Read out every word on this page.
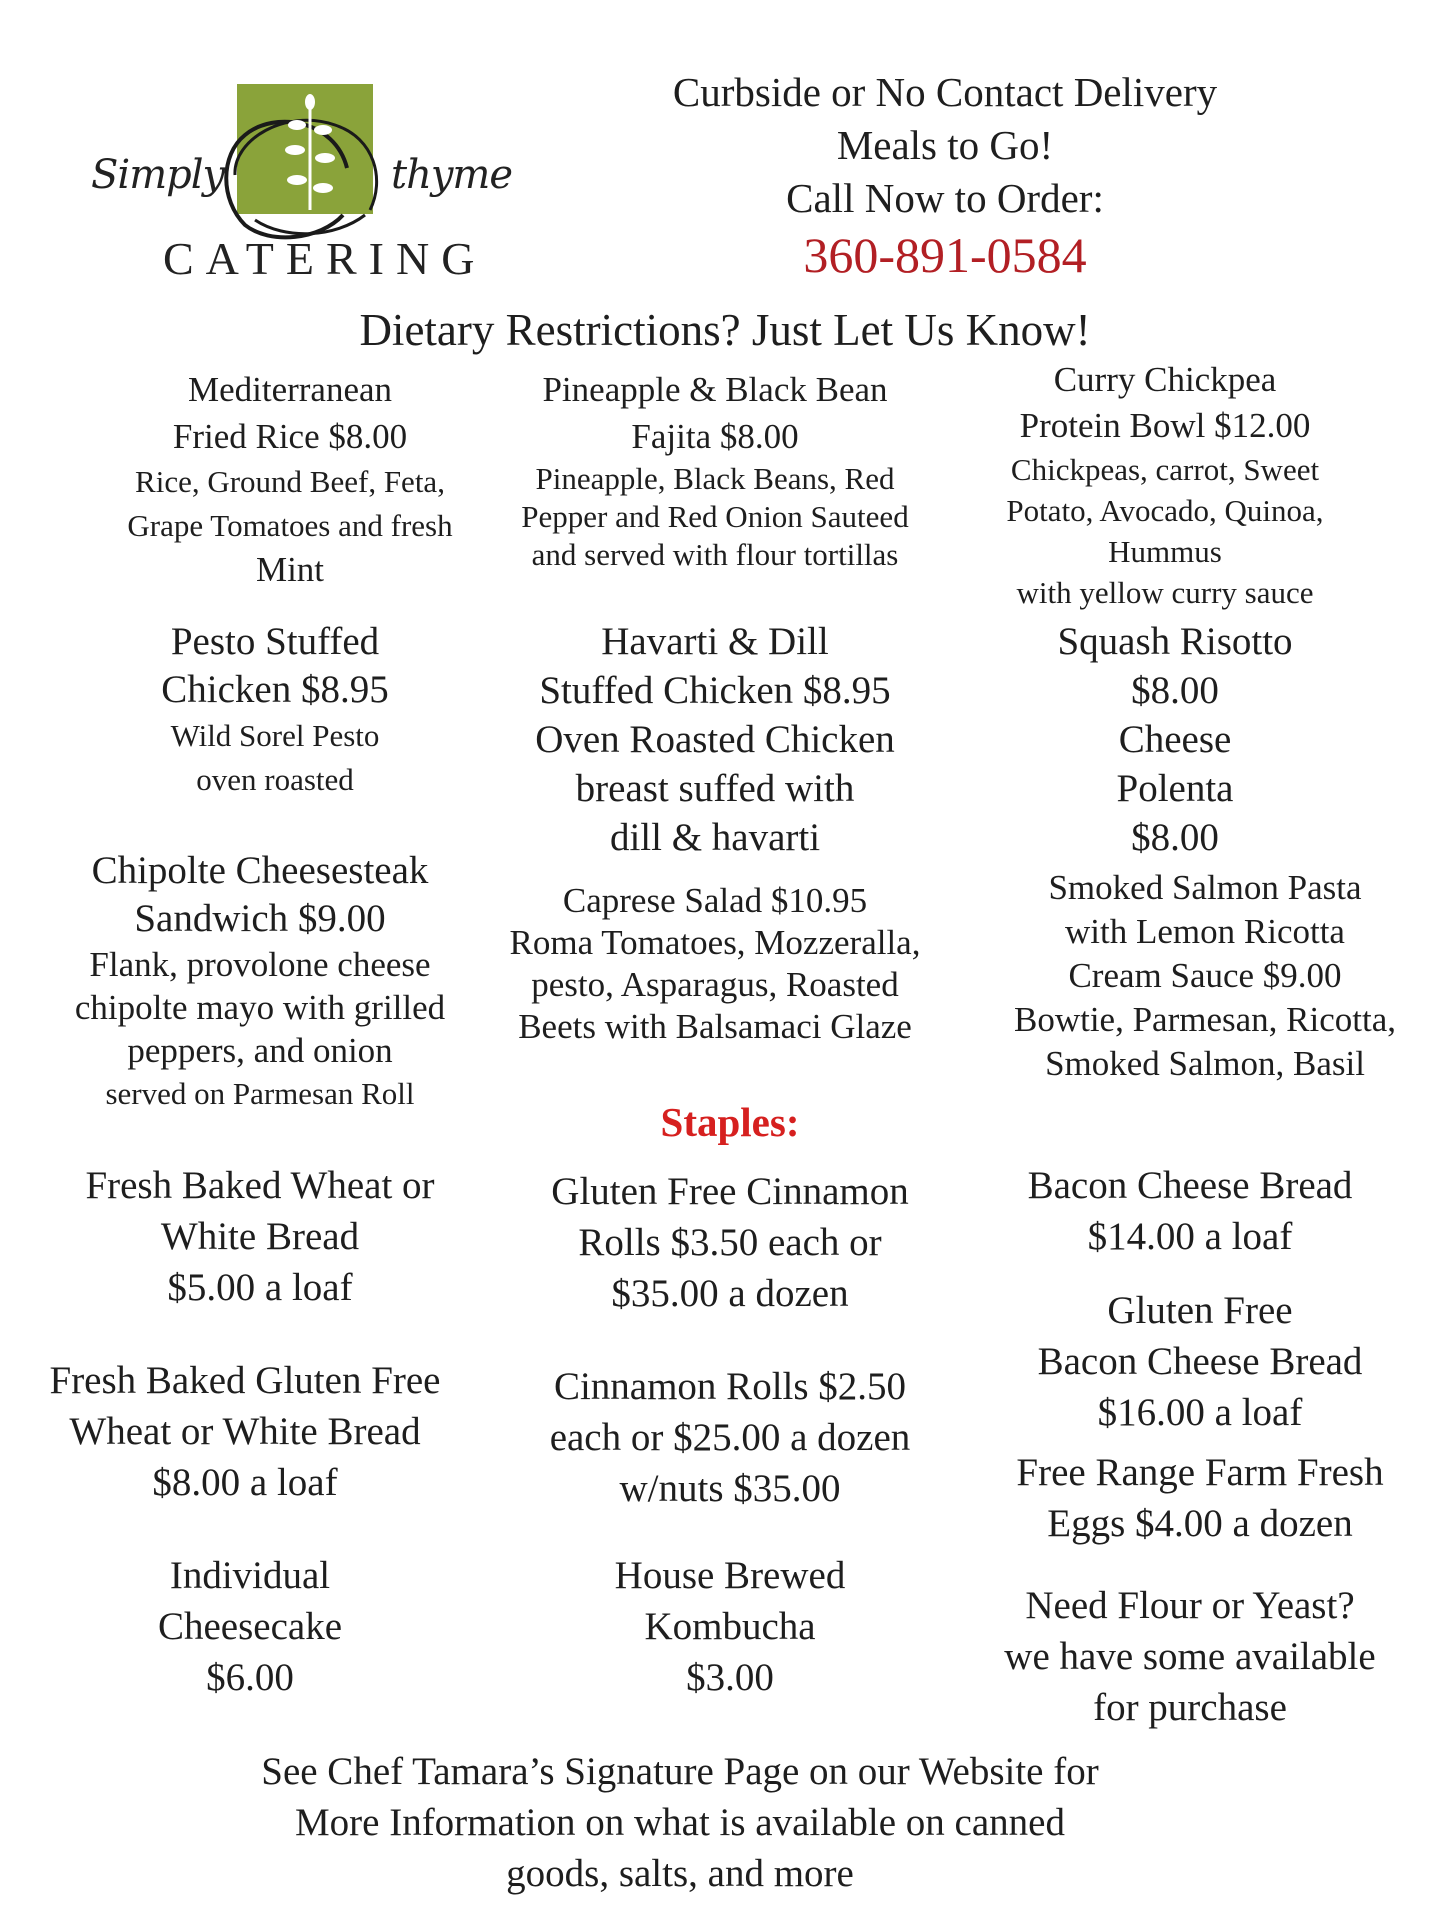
Simply	thyme
CATERING
Curbside or No Contact Delivery
Meals to Go!
Call Now to Order:
360-891-0584
Dietary Restrictions? Just Let Us Know!
Mediterranean
Fried Rice $8.00
Rice, Ground Beef, Feta,
Grape Tomatoes and fresh
Mint
Pineapple & Black Bean
Fajita $8.00
Pineapple, Black Beans, Red
Pepper and Red Onion Sauteed
and served with flour tortillas
Curry Chickpea
Protein Bowl $12.00
Chickpeas, carrot, Sweet
Potato, Avocado, Quinoa,
Hummus
with yellow curry sauce
Pesto Stuffed
Chicken $8.95
Wild Sorel Pesto
oven roasted
Havarti & Dill
Stuffed Chicken $8.95
Oven Roasted Chicken
breast suffed with
dill & havarti
Squash Risotto
$8.00
Cheese
Polenta
$8.00
Chipolte Cheesesteak
Sandwich $9.00
Flank, provolone cheese
chipolte mayo with grilled
peppers, and onion
served on Parmesan Roll
Caprese Salad $10.95
Roma Tomatoes, Mozzeralla,
pesto, Asparagus, Roasted
Beets with Balsamaci Glaze
Smoked Salmon Pasta
with Lemon Ricotta
Cream Sauce $9.00
Bowtie, Parmesan, Ricotta,
Smoked Salmon, Basil
Staples:
Fresh Baked Wheat or
White Bread
$5.00 a loaf
Gluten Free Cinnamon
Rolls $3.50 each or
$35.00 a dozen
Bacon Cheese Bread
$14.00 a loaf
Gluten Free
Bacon Cheese Bread
$16.00 a loaf
Fresh Baked Gluten Free
Wheat or White Bread
$8.00 a loaf
Cinnamon Rolls $2.50
each or $25.00 a dozen
w/nuts $35.00	Free Range Farm Fresh
Eggs $4.00 a dozen
Individual
Cheesecake
$6.00
House Brewed
Kombucha
$3.00
Need Flour or Yeast?
we have some available
for purchase
See Chef Tamara’s Signature Page on our Website for
More Information on what is available on canned
goods, salts, and more
